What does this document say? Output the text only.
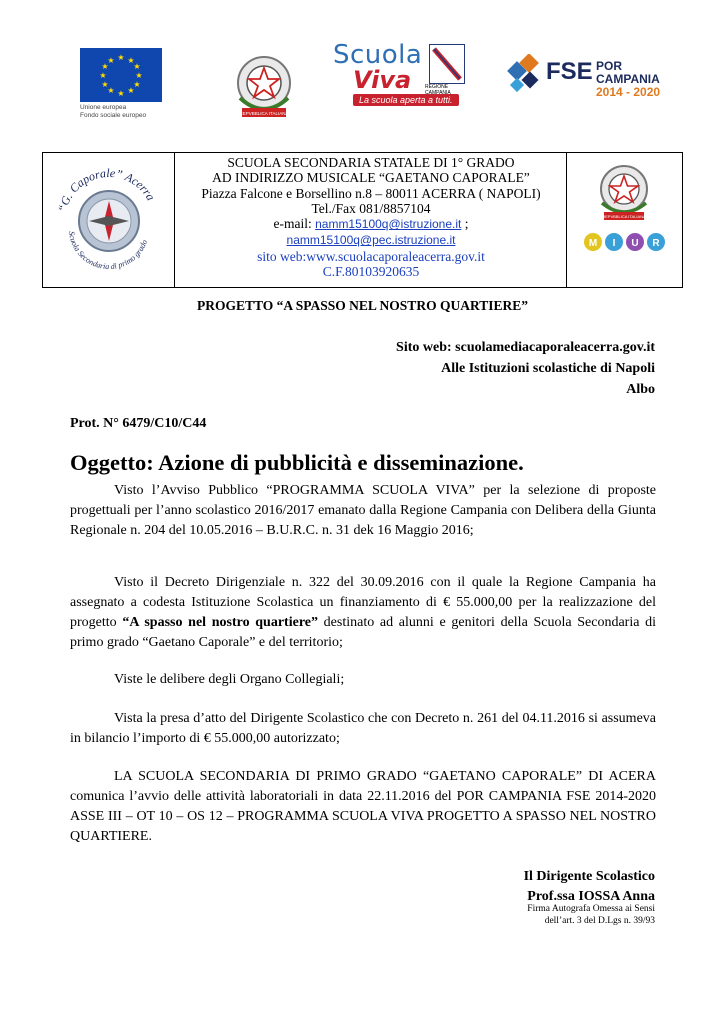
★ ★
★
★
★
★
★
★
★
★
★
★
Unione europea
Fondo sociale europeo	REPVBBLICA ITALIANA
Scuola
Viva
La scuola aperta a tutti.
REGIONE CAMPANIA
FSE POR CAMPANIA
2014 - 2020
“G. Caporale” Acerra
Scuola Secondaria di primo grado
SCUOLA SECONDARIA STATALE DI 1° GRADO
AD INDIRIZZO MUSICALE “GAETANO CAPORALE”
Piazza Falcone e Borsellino n.8 – 80011 ACERRA ( NAPOLI)
Tel./Fax 081/8857104
e-mail: namm15100q@istruzione.it ;
namm15100q@pec.istruzione.it
sito web:www.scuolacaporaleacerra.gov.it
C.F.80103920635
REPVBBLICA ITALIANA
M I U R
PROGETTO “A SPASSO NEL NOSTRO QUARTIERE”
Sito web: scuolamediacaporaleacerra.gov.it
Alle Istituzioni scolastiche di Napoli
Albo
Prot. N° 6479/C10/C44
Oggetto: Azione di pubblicità e disseminazione.
Visto l’Avviso Pubblico “PROGRAMMA SCUOLA VIVA” per la selezione di proposte progettuali per l’anno scolastico 2016/2017 emanato dalla Regione Campania con Delibera della Giunta Regionale n. 204 del 10.05.2016 – B.U.R.C. n. 31 dek 16 Maggio 2016;
Visto il Decreto Dirigenziale n. 322 del 30.09.2016 con il quale la Regione Campania ha assegnato a codesta Istituzione Scolastica un finanziamento di € 55.000,00 per la realizzazione del progetto “A spasso nel nostro quartiere” destinato ad alunni e genitori della Scuola Secondaria di primo grado “Gaetano Caporale” e del territorio;
Viste le delibere degli Organo Collegiali;
Vista la presa d’atto del Dirigente Scolastico che con Decreto n. 261 del 04.11.2016 si assumeva in bilancio l’importo di € 55.000,00 autorizzato;
LA SCUOLA SECONDARIA DI PRIMO GRADO “GAETANO CAPORALE” DI ACERA comunica l’avvio delle attività laboratoriali in data 22.11.2016 del POR CAMPANIA FSE 2014-2020 ASSE III – OT 10 – OS 12 – PROGRAMMA SCUOLA VIVA PROGETTO A SPASSO NEL NOSTRO QUARTIERE.
Il Dirigente Scolastico
Prof.ssa IOSSA Anna
Firma Autografa Omessa ai Sensi
dell’art. 3 del D.Lgs n. 39/93
